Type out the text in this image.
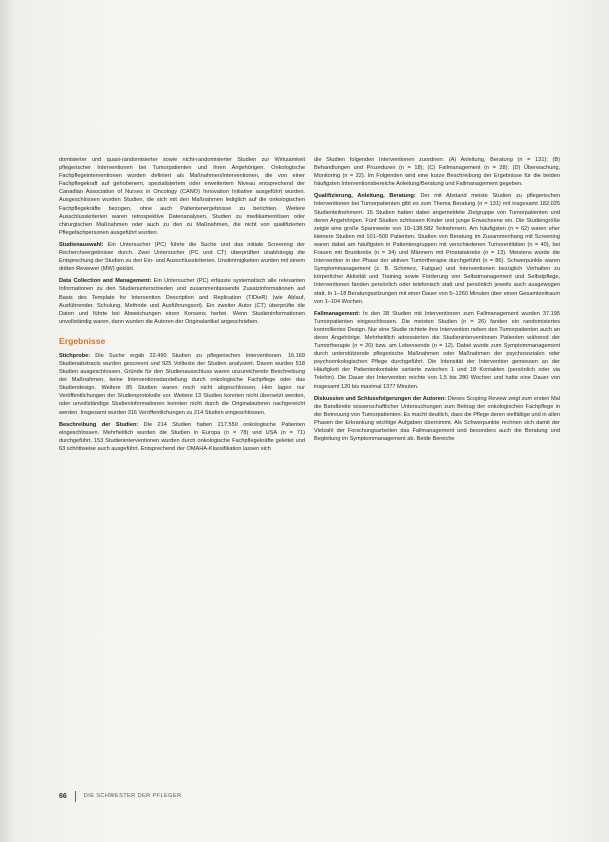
domisierter und quasi-randomisierter sowie nicht-randomisierter Studien zur Wirksamkeit pflegerischer Interventionen bei Tumorpatienten und ihren Angehörigen. Onkologische Fachpflegeinterventionen wurden definiert als Maßnahmen/Interventionen, die von einer Fachpflegekraft auf gehobenem, spezialisiertem oder erweitertem Niveau entsprechend der Canadian Association of Nurses in Oncology (CANO) Innovation Initiative ausgeführt wurden. Ausgeschlossen wurden Studien, die sich mit den Maßnahmen lediglich auf die onkologischen Fachpflegekräfte bezogen, ohne auch Patientenergebnisse zu berichten. Weitere Ausschlusskriterien waren retrospektive Datenanalysen, Studien zu medikamentösen oder chirurgischen Maßnahmen oder auch zu den zu Maßnahmen, die nicht von qualifizierten Pflegefachpersonen ausgeführt wurden.

Studienauswahl: Ein Untersucher (PC) führte die Suche und das initiale Screening der Rechercheergebnisse durch. Zwei Untersucher (PC und CT) überprüften unabhängig die Entsprechung der Studien zu den Ein- und Ausschlusskriterien. Unstimmigkeiten wurden mit einem dritten Reviewer (MW) geklärt.

Data Collection and Management: Ein Untersucher (PC) erfasste systematisch alle relevanten Informationen zu den Studienunterschieden und zusammenfassende Zusatzinformationen auf Basis des Template for Intervention Description and Replication (TIDieR) (wie Ablauf, Ausführender, Schulung, Methode und Ausführungsort). Ein zweiter Autor (CT) überprüfte die Daten und führte bei Abweichungen einen Konsens herbei. Wenn Studieninformationen unvollständig waren, dann wurden die Autoren der Originalartikel angeschrieben.

Ergebnisse

Stichprobe: Die Suche ergab 22.490 Studien zu pflegerischen Interventionen. 16.169 Studienabstracts wurden gescreent und 925 Volltexte der Studien analysiert. Davon wurden 518 Studien ausgeschlossen, Gründe für den Studienausschluss waren unzureichende Beschreibung der Maßnahmen, keine Interventionsdarstellung durch onkologische Fachpflege oder das Studiendesign. Weitere 85 Studien waren noch nicht abgeschlossen. Hier lagen nur Veröffentlichungen der Studienprotokolle vor. Weitere 13 Studien konnten nicht übersetzt werden, oder unvollständige Studieninformationen konnten nicht durch die Originalautoren nachgereicht werden. Insgesamt wurden 316 Veröffentlichungen zu 214 Studien eingeschlossen.

Beschreibung der Studien: Die 214 Studien hatten 217.550 onkologische Patienten eingeschlossen. Mehrheitlich wurden die Studien in Europa (n = 78) und USA (n = 71) durchgeführt. 153 Studieninterventionen wurden durch onkologische Fachpflegekräfte geleitet und 63 schrittweise auch ausgeführt. Entsprechend der OMAHA-Klassifikation lassen sich

die Studien folgenden Interventionen zuordnen: (A) Anleitung, Beratung (n = 131); (B) Behandlungen und Prozeduren (n = 18); (C) Fallmanagement (n = 28); (D) Überwachung, Monitoring (n = 22). Im Folgenden wird eine kurze Beschreibung der Ergebnisse für die beiden häufigsten Interventionsbereiche Anleitung/Beratung und Fallmanagement gegeben.

Qualifizierung, Anleitung, Beratung: Der mit Abstand meiste Studien zu pflegerischen Interventionen bei Tumorpatienten gibt es zum Thema Beratung (n = 131) mit insgesamt 182.025 Studienteilnehmern. 15 Studien hatten dabei angemeldete Zielgruppe von Tumorpatienten und deren Angehörigen. Fünf Studien schlossen Kinder und junge Erwachsene ein. Die Studiengröße zeigte eine große Spannweite von 10–138.582 Teilnehmern. Am häufigsten (n = 62) waren eher kleinere Studien mit 101–500 Patienten. Studien von Beratung im Zusammenhang mit Screening waren dabei am häufigsten in Patientengruppen mit verschiedenen Tumorentitäten (n = 40), bei Frauen mit Brustkrebs (n = 34) und Männern mit Prostatakrebs (n = 13). Meistens wurde die Intervention in der Phase der aktiven Tumortherapie durchgeführt (n = 86). Schwerpunkte waren Symptommanagement (z. B. Schmerz, Fatigue) und Interventionen bezüglich Verhalten zu körperlicher Aktivität und Training sowie Förderung von Selbstmanagement und Selbstpflege, Interventionen fanden persönlich oder telefonisch statt und persönlich jeweils auch ausgewogen statt. In 1–18 Beratungssitzungen mit einer Dauer von 5–1260 Minuten über einen Gesamtzeitraum von 1–104 Wochen.

Fallmanagement: In den 28 Studien mit Interventionen zum Fallmanagement wurden 37.195 Tumorpatienten eingeschlossen. Die meisten Studien (n = 26) fanden ein randomisiertes kontrolliertes Design. Nur eine Studie richtete ihre Intervention neben den Tumorpatienten auch an deren Angehörige. Mehrheitlich adressierten die Studieninterventionen Patienten während der Tumortherapie (n = 20) bzw. am Lebensende (n = 12). Dabei wurde zum Symptommanagement durch unterstützende pflegerische Maßnahmen oder Maßnahmen der psychosozialen oder psychoonkologischen Pflege durchgeführt. Die Intensität der Intervention gemessen an der Häufigkeit der Patientenkontakte variierte zwischen 1 und 18 Kontakten (persönlich oder via Telefon). Die Dauer der Intervention reichte von 1,5 bis 280 Wochen und hatte eine Dauer von insgesamt 120 bis maximal 1377 Minuten.

Diskussion und Schlussfolgerungen der Autoren: Dieses Scoping Review zeigt zum ersten Mal die Bandbreite wissenschaftlicher Untersuchungen zum Beitrag der onkologischen Fachpflege in der Betreuung von Tumorpatienten. Es macht deutlich, dass die Pflege deren vielfältige und in allen Phasen der Erkrankung wichtige Aufgaben übernimmt. Als Schwerpunkte rechnen sich damit der Vielzahl der Forschungsarbeiten das Fallmanagement und besonders auch die Beratung und Begleitung im Symptommanagement ab. Beide Bereiche

66	DIE SCHWESTER DER PFLEGER
